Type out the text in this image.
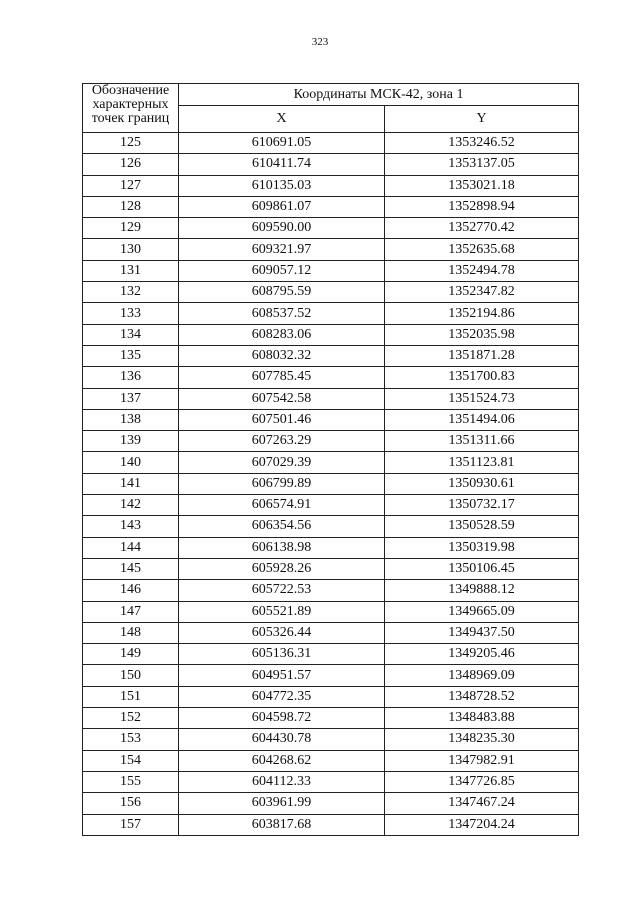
323
Обозначение характерных точек границ	Координаты МСК-42, зона 1	
	X	Y
125	610691.05	1353246.52
126	610411.74	1353137.05
127	610135.03	1353021.18
128	609861.07	1352898.94
129	609590.00	1352770.42
130	609321.97	1352635.68
131	609057.12	1352494.78
132	608795.59	1352347.82
133	608537.52	1352194.86
134	608283.06	1352035.98
135	608032.32	1351871.28
136	607785.45	1351700.83
137	607542.58	1351524.73
138	607501.46	1351494.06
139	607263.29	1351311.66
140	607029.39	1351123.81
141	606799.89	1350930.61
142	606574.91	1350732.17
143	606354.56	1350528.59
144	606138.98	1350319.98
145	605928.26	1350106.45
146	605722.53	1349888.12
147	605521.89	1349665.09
148	605326.44	1349437.50
149	605136.31	1349205.46
150	604951.57	1348969.09
151	604772.35	1348728.52
152	604598.72	1348483.88
153	604430.78	1348235.30
154	604268.62	1347982.91
155	604112.33	1347726.85
156	603961.99	1347467.24
157	603817.68	1347204.24
